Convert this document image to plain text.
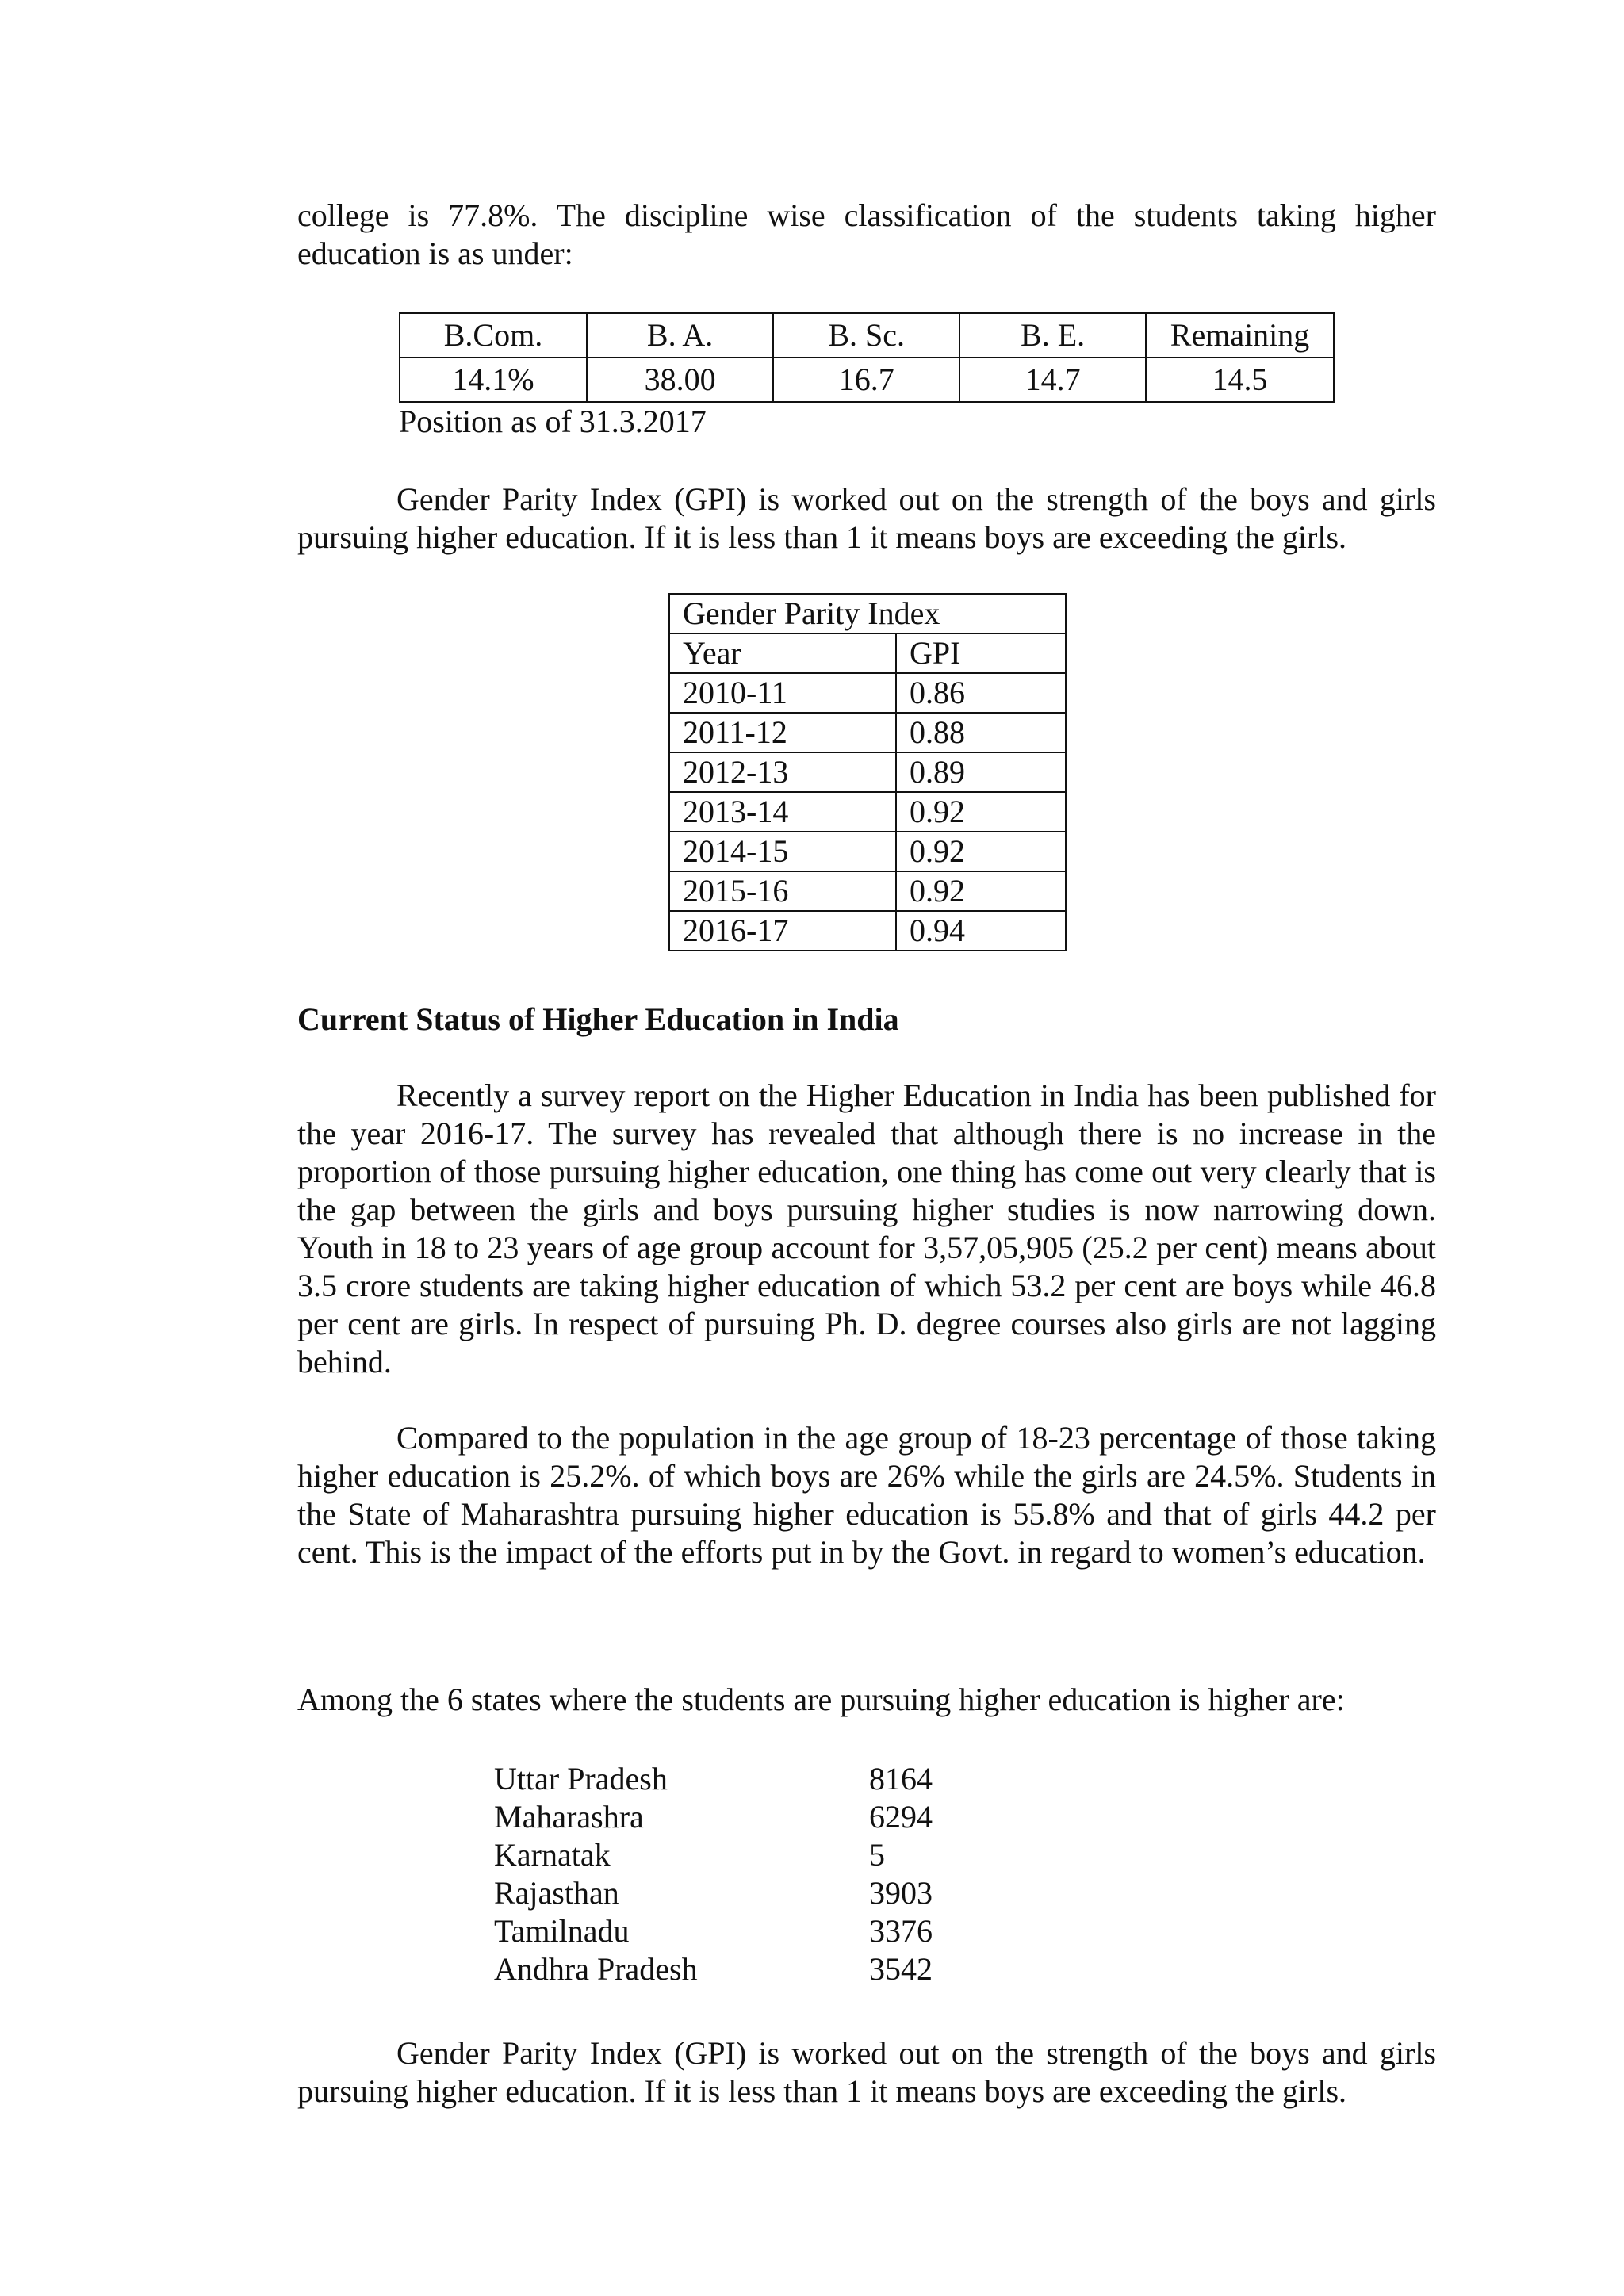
college is 77.8%. The discipline wise classification of the students taking higher education is as under:

B.Com.	B. A.	B. Sc.	B. E.	Remaining
14.1%	38.00	16.7	14.7	14.5

Position as of 31.3.2017

Gender Parity Index (GPI) is worked out on the strength of the boys and girls pursuing higher education. If it is less than 1 it means boys are exceeding the girls.

Gender Parity Index	
Year	GPI
2010-11	0.86
2011-12	0.88
2012-13	0.89
2013-14	0.92
2014-15	0.92
2015-16	0.92
2016-17	0.94

Current Status of Higher Education in India

Recently a survey report on the Higher Education in India has been published for the year 2016-17. The survey has revealed that although there is no increase in the proportion of those pursuing higher education, one thing has come out very clearly that is the gap between the girls and boys pursuing higher studies is now narrowing down. Youth in 18 to 23 years of age group account for 3,57,05,905 (25.2 per cent) means about 3.5 crore students are taking higher education of which 53.2 per cent are boys while 46.8 per cent are girls. In respect of pursuing Ph. D. degree courses also girls are not lagging behind.

Compared to the population in the age group of 18-23 percentage of those taking higher education is 25.2%. of which boys are 26% while the girls are 24.5%. Students in the State of Maharashtra pursuing higher education is 55.8% and that of girls 44.2 per cent. This is the impact of the efforts put in by the Govt. in regard to women’s education.

Among the 6 states where the students are pursuing higher education is higher are:

Uttar Pradesh	8164
Maharashra	6294
Karnatak	5
Rajasthan	3903
Tamilnadu	3376
Andhra Pradesh	3542

Gender Parity Index (GPI) is worked out on the strength of the boys and girls pursuing higher education. If it is less than 1 it means boys are exceeding the girls.
